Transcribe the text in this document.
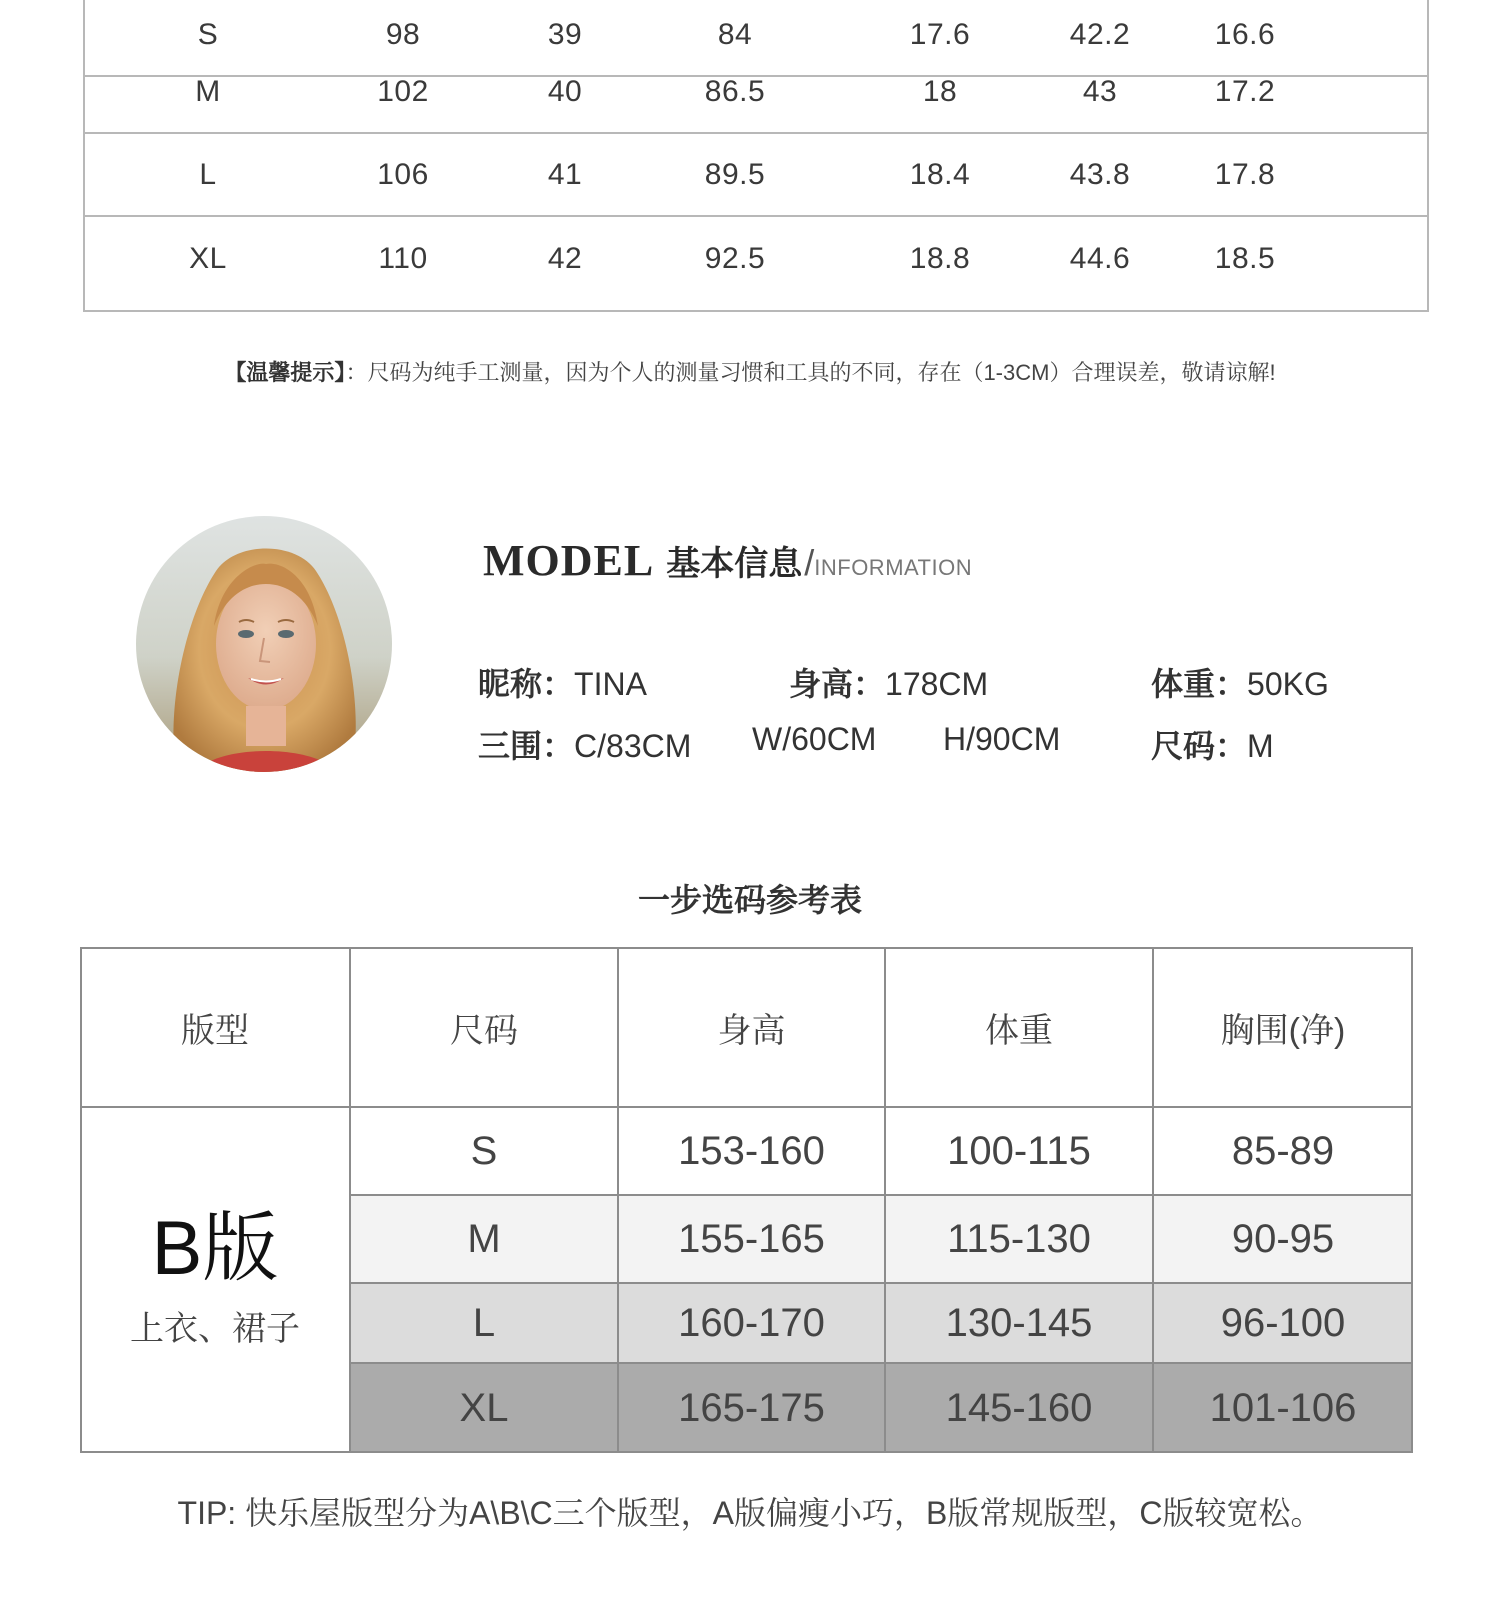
S	98	39	84	17.6	42.2	16.6
M	102	40	86.5	18	43	17.2
L	106	41	89.5	18.4	43.8	17.8
XL	110	42	92.5	18.8	44.6	18.5
【温馨提示】：尺码为纯手工测量，因为个人的测量习惯和工具的不同，存在（1-3CM）合理误差，敬请谅解!
MODEL 基本信息/INFORMATION
昵称：TINA	身高：178CM	体重：50KG
三围：C/83CM W/60CM H/90CM	尺码：M
一步选码参考表
版型	尺码	身高	体重	胸围(净)
B版
上衣、裙子
S	153-160	100-115	85-89
M	155-165	115-130	90-95
L	160-170	130-145	96-100
XL	165-175	145-160	101-106
TIP: 快乐屋版型分为A\B\C三个版型，A版偏瘦小巧，B版常规版型，C版较宽松。
